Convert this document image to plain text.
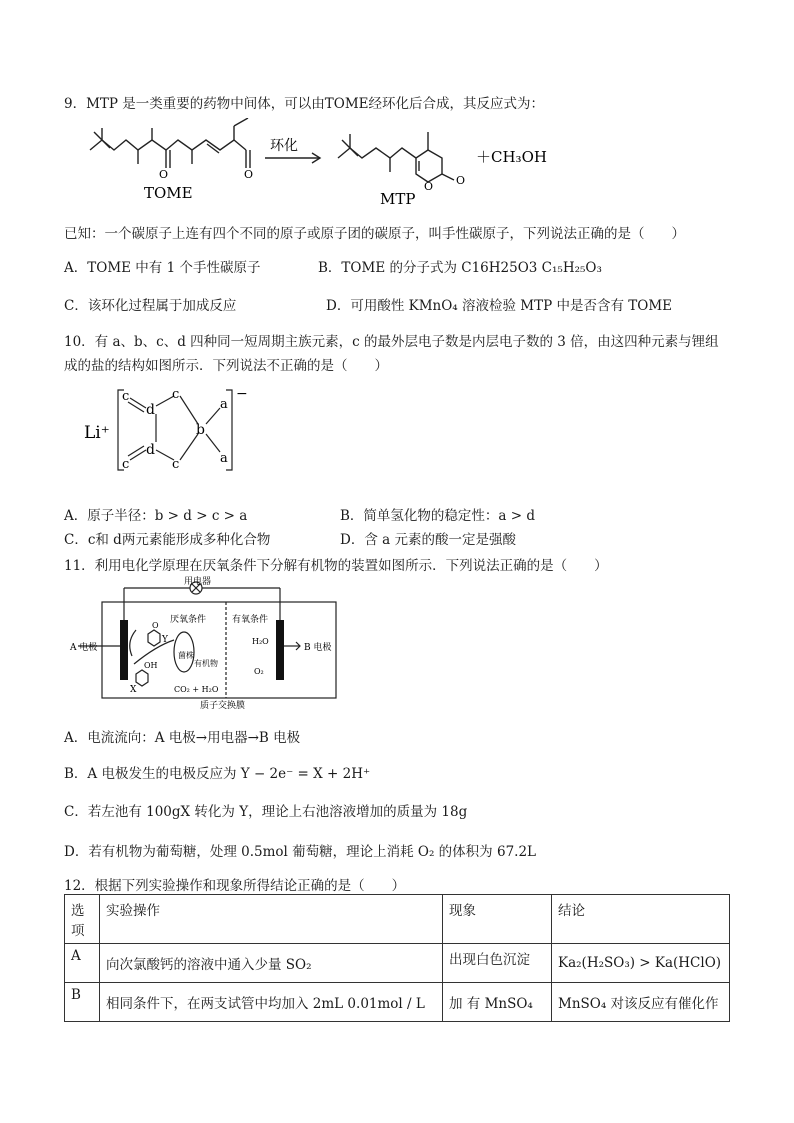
9．MTP 是一类重要的药物中间体，可以由TOME经环化后合成，其反应式为：
O	O
TOME
环化
O O
MTP
＋CH₃OH
已知：一个碳原子上连有四个不同的原子或原子团的碳原子，叫手性碳原子，下列说法正确的是（　　）
A．TOME 中有 1 个手性碳原子	B．TOME 的分子式为 C16H25O3 C₁₅H₂₅O₃
C．该环化过程属于加成反应	D．可用酸性 KMnO₄ 溶液检验 MTP 中是否含有 TOME
10．有 a、b、c、d 四种同一短周期主族元素，c 的最外层电子数是内层电子数的 3 倍，由这四种元素与锂组
成的盐的结构如图所示．下列说法不正确的是（　　）
Li⁺
−
c
d
c
b
a
a
d
c
c
A．原子半径：b > d > c > a	B．简单氢化物的稳定性：a > d
C．c和 d两元素能形成多种化合物	D．含 a 元素的酸一定是强酸
11．利用电化学原理在厌氧条件下分解有机物的装置如图所示．下列说法正确的是（　　）
用电器
厌氧条件	有氧条件
A 电极	B 电极
菌株
有机物
CO₂ + H₂O
H₂O
O₂
质子交换膜
Y
X
OH
O
A．电流流向：A 电极→用电器→B 电极
B．A 电极发生的电极反应为 Y − 2e⁻ = X + 2H⁺
C．若左池有 100gX 转化为 Y，理论上右池溶液增加的质量为 18g
D．若有机物为葡萄糖，处理 0.5mol 葡萄糖，理论上消耗 O₂ 的体积为 67.2L
12．根据下列实验操作和现象所得结论正确的是（　　）
选项	实验操作	现象	结论
A	向次氯酸钙的溶液中通入少量 SO₂	出现白色沉淀	Ka₂(H₂SO₃) > Ka(HClO)
B	相同条件下，在两支试管中均加入 2mL 0.01mol / L	加 有 MnSO₄	MnSO₄ 对该反应有催化作
